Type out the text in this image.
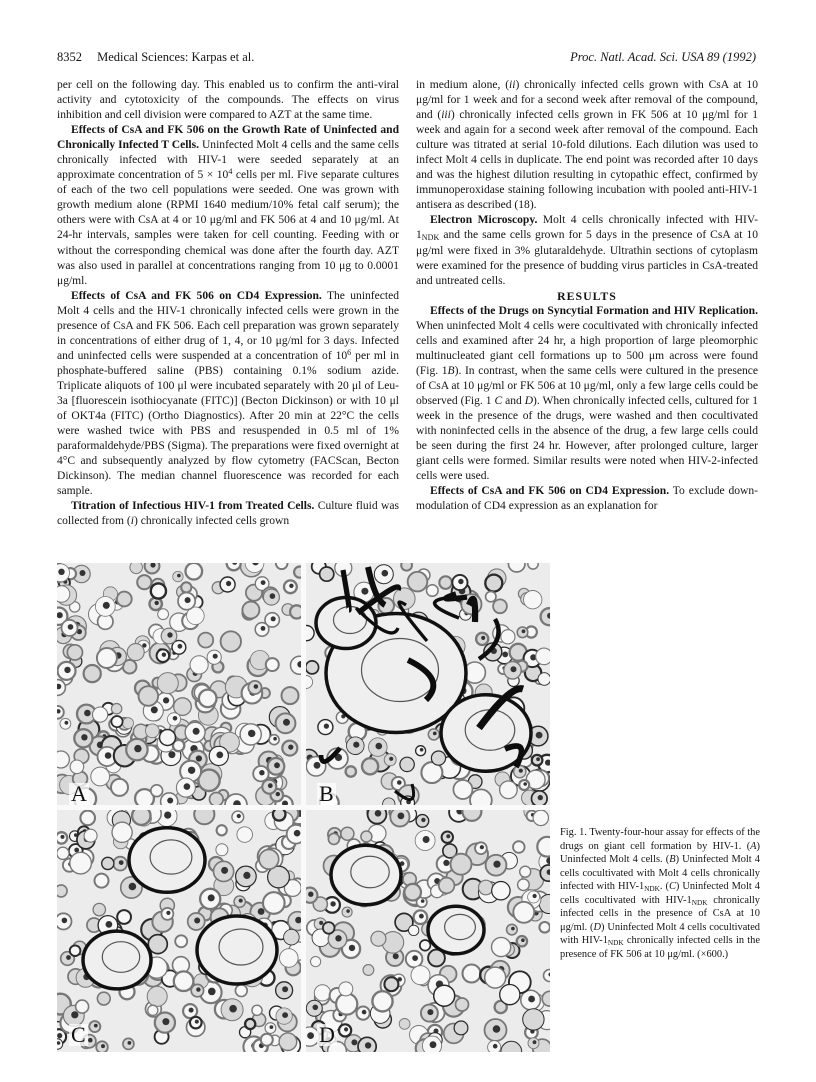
8352 Medical Sciences: Karpas et al.	Proc. Natl. Acad. Sci. USA 89 (1992)

per cell on the following day. This enabled us to confirm the anti-viral activity and cytotoxicity of the compounds. The effects on virus inhibition and cell division were compared to AZT at the same time.

Effects of CsA and FK 506 on the Growth Rate of Uninfected and Chronically Infected T Cells. Uninfected Molt 4 cells and the same cells chronically infected with HIV-1 were seeded separately at an approximate concentration of $5 \times 10^4$ cells per ml. Five separate cultures of each of the two cell populations were seeded. One was grown with growth medium alone (RPMI 1640 medium/10% fetal calf serum); the others were with CsA at 4 or 10 μg/ml and FK 506 at 4 and 10 μg/ml. At 24-hr intervals, samples were taken for cell counting. Feeding with or without the corresponding chemical was done after the fourth day. AZT was also used in parallel at concentrations ranging from 10 μg to 0.0001 μg/ml.

Effects of CsA and FK 506 on CD4 Expression. The uninfected Molt 4 cells and the HIV-1 chronically infected cells were grown in the presence of CsA and FK 506. Each cell preparation was grown separately in concentrations of either drug of 1, 4, or 10 μg/ml for 3 days. Infected and uninfected cells were suspended at a concentration of $10^6$ per ml in phosphate-buffered saline (PBS) containing 0.1% sodium azide. Triplicate aliquots of 100 μl were incubated separately with 20 μl of Leu-3a [fluorescein isothiocyanate (FITC)] (Becton Dickinson) or with 10 μl of OKT4a (FITC) (Ortho Diagnostics). After 20 min at 22°C the cells were washed twice with PBS and resuspended in 0.5 ml of 1% paraformaldehyde/PBS (Sigma). The preparations were fixed overnight at 4°C and subsequently analyzed by flow cytometry (FACScan, Becton Dickinson). The median channel fluorescence was recorded for each sample.

Titration of Infectious HIV-1 from Treated Cells. Culture fluid was collected from (i) chronically infected cells grown

in medium alone, (ii) chronically infected cells grown with CsA at 10 μg/ml for 1 week and for a second week after removal of the compound, and (iii) chronically infected cells grown in FK 506 at 10 μg/ml for 1 week and again for a second week after removal of the compound. Each culture was titrated at serial 10-fold dilutions. Each dilution was used to infect Molt 4 cells in duplicate. The end point was recorded after 10 days and was the highest dilution resulting in cytopathic effect, confirmed by immunoperoxidase staining following incubation with pooled anti-HIV-1 antisera as described (18).

Electron Microscopy. Molt 4 cells chronically infected with HIV-$1_{NDK}$ and the same cells grown for 5 days in the presence of CsA at 10 μg/ml were fixed in 3% glutaraldehyde. Ultrathin sections of cytoplasm were examined for the presence of budding virus particles in CsA-treated and untreated cells.

RESULTS

Effects of the Drugs on Syncytial Formation and HIV Replication. When uninfected Molt 4 cells were cocultivated with chronically infected cells and examined after 24 hr, a high proportion of large pleomorphic multinucleated giant cell formations up to 500 μm across were found (Fig. 1B). In contrast, when the same cells were cultured in the presence of CsA at 10 μg/ml or FK 506 at 10 μg/ml, only a few large cells could be observed (Fig. 1 C and D). When chronically infected cells, cultured for 1 week in the presence of the drugs, were washed and then cocultivated with noninfected cells in the absence of the drug, a few large cells could be seen during the first 24 hr. However, after prolonged culture, larger giant cells were formed. Similar results were noted when HIV-2-infected cells were used.

Effects of CsA and FK 506 on CD4 Expression. To exclude down-modulation of CD4 expression as an explanation for

A	B
C	D
Fig. 1. Twenty-four-hour assay for effects of the drugs on giant cell formation by HIV-1. (A) Uninfected Molt 4 cells. (B) Uninfected Molt 4 cells cocultivated with Molt 4 cells chronically infected with HIV-$1_{NDK}$. (C) Uninfected Molt 4 cells cocultivated with HIV-$1_{NDK}$ chronically infected cells in the presence of CsA at 10 μg/ml. (D) Uninfected Molt 4 cells cocultivated with HIV-$1_{NDK}$ chronically infected cells in the presence of FK 506 at 10 μg/ml. (×600.)
